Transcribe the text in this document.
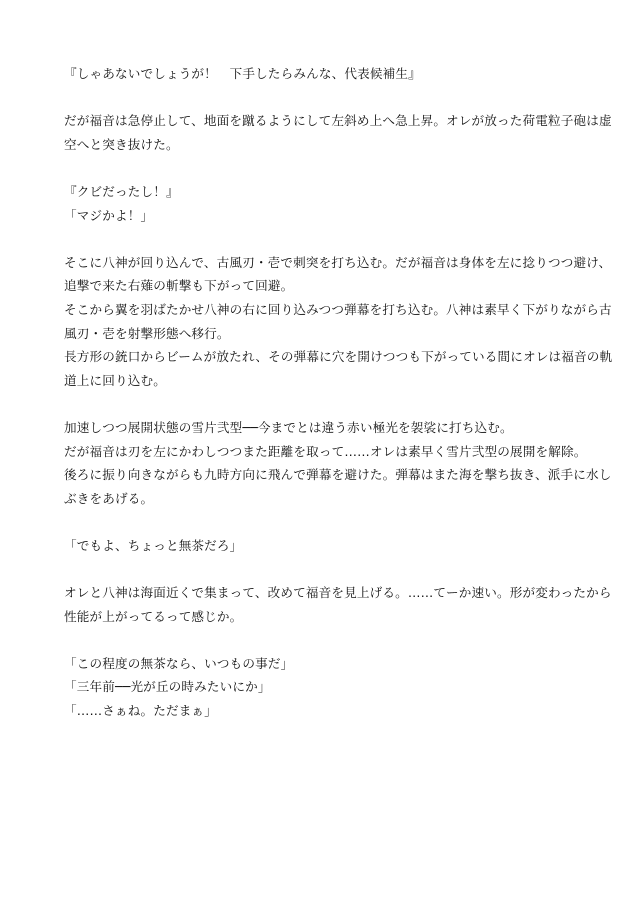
『しゃあないでしょうが！　下手したらみんな、代表候補生』

だが福音は急停止して、地面を蹴るようにして左斜め上へ急上昇。オレが放った荷電粒子砲は虚

空へと突き抜けた。

『クビだったし！』

「マジかよ！」

そこに八神が回り込んで、古風刃・壱で刺突を打ち込む。だが福音は身体を左に捻りつつ避け、

追撃で来た右薙の斬撃も下がって回避。

そこから翼を羽ばたかせ八神の右に回り込みつつ弾幕を打ち込む。八神は素早く下がりながら古

風刃・壱を射撃形態へ移行。

長方形の銃口からビームが放たれ、その弾幕に穴を開けつつも下がっている間にオレは福音の軌

道上に回り込む。

加速しつつ展開状態の雪片弐型──今までとは違う赤い極光を袈裟に打ち込む。

だが福音は刃を左にかわしつつまた距離を取って……オレは素早く雪片弐型の展開を解除。

後ろに振り向きながらも九時方向に飛んで弾幕を避けた。弾幕はまた海を撃ち抜き、派手に水し

ぶきをあげる。

「でもよ、ちょっと無茶だろ」

オレと八神は海面近くで集まって、改めて福音を見上げる。……てーか速い。形が変わったから

性能が上がってるって感じか。

「この程度の無茶なら、いつもの事だ」

「三年前──光が丘の時みたいにか」

「……さぁね。ただまぁ」
